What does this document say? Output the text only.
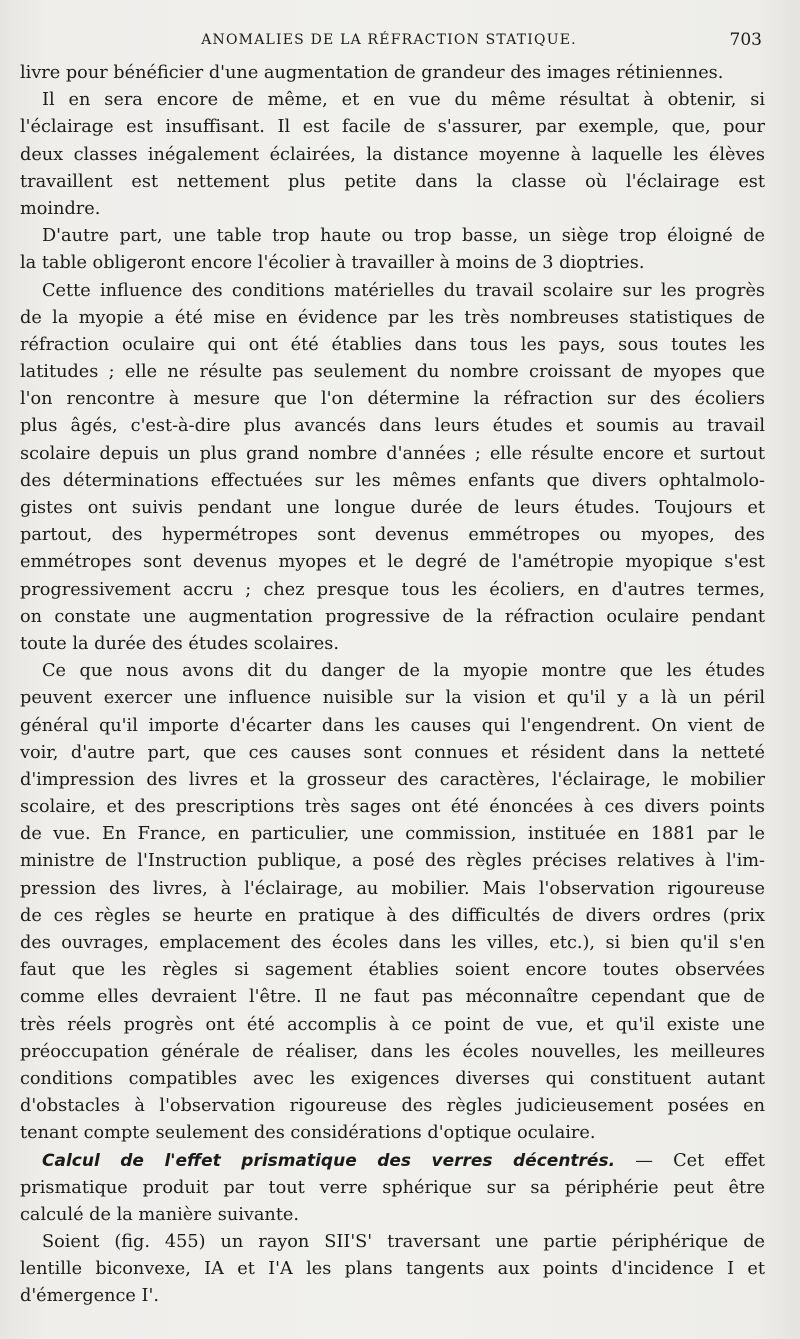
ANOMALIES DE LA RÉFRACTION STATIQUE.	703
livre pour bénéficier d'une augmentation de grandeur des images rétiniennes.
Il en sera encore de même, et en vue du même résultat à obtenir, si
l'éclairage est insuffisant. Il est facile de s'assurer, par exemple, que, pour
deux classes inégalement éclairées, la distance moyenne à laquelle les élèves
travaillent est nettement plus petite dans la classe où l'éclairage est
moindre.
D'autre part, une table trop haute ou trop basse, un siège trop éloigné de
la table obligeront encore l'écolier à travailler à moins de 3 dioptries.
Cette influence des conditions matérielles du travail scolaire sur les progrès
de la myopie a été mise en évidence par les très nombreuses statistiques de
réfraction oculaire qui ont été établies dans tous les pays, sous toutes les
latitudes ; elle ne résulte pas seulement du nombre croissant de myopes que
l'on rencontre à mesure que l'on détermine la réfraction sur des écoliers
plus âgés, c'est-à-dire plus avancés dans leurs études et soumis au travail
scolaire depuis un plus grand nombre d'années ; elle résulte encore et surtout
des déterminations effectuées sur les mêmes enfants que divers ophtalmolo-
gistes ont suivis pendant une longue durée de leurs études. Toujours et
partout, des hypermétropes sont devenus emmétropes ou myopes, des
emmétropes sont devenus myopes et le degré de l'amétropie myopique s'est
progressivement accru ; chez presque tous les écoliers, en d'autres termes,
on constate une augmentation progressive de la réfraction oculaire pendant
toute la durée des études scolaires.
Ce que nous avons dit du danger de la myopie montre que les études
peuvent exercer une influence nuisible sur la vision et qu'il y a là un péril
général qu'il importe d'écarter dans les causes qui l'engendrent. On vient de
voir, d'autre part, que ces causes sont connues et résident dans la netteté
d'impression des livres et la grosseur des caractères, l'éclairage, le mobilier
scolaire, et des prescriptions très sages ont été énoncées à ces divers points
de vue. En France, en particulier, une commission, instituée en 1881 par le
ministre de l'Instruction publique, a posé des règles précises relatives à l'im-
pression des livres, à l'éclairage, au mobilier. Mais l'observation rigoureuse
de ces règles se heurte en pratique à des difficultés de divers ordres (prix
des ouvrages, emplacement des écoles dans les villes, etc.), si bien qu'il s'en
faut que les règles si sagement établies soient encore toutes observées
comme elles devraient l'être. Il ne faut pas méconnaître cependant que de
très réels progrès ont été accomplis à ce point de vue, et qu'il existe une
préoccupation générale de réaliser, dans les écoles nouvelles, les meilleures
conditions compatibles avec les exigences diverses qui constituent autant
d'obstacles à l'observation rigoureuse des règles judicieusement posées en
tenant compte seulement des considérations d'optique oculaire.
Calcul de l'effet prismatique des verres décentrés. — Cet effet
prismatique produit par tout verre sphérique sur sa périphérie peut être
calculé de la manière suivante.
Soient (fig. 455) un rayon SII'S' traversant une partie périphérique de
lentille biconvexe, IA et I'A les plans tangents aux points d'incidence I et
d'émergence I'.
